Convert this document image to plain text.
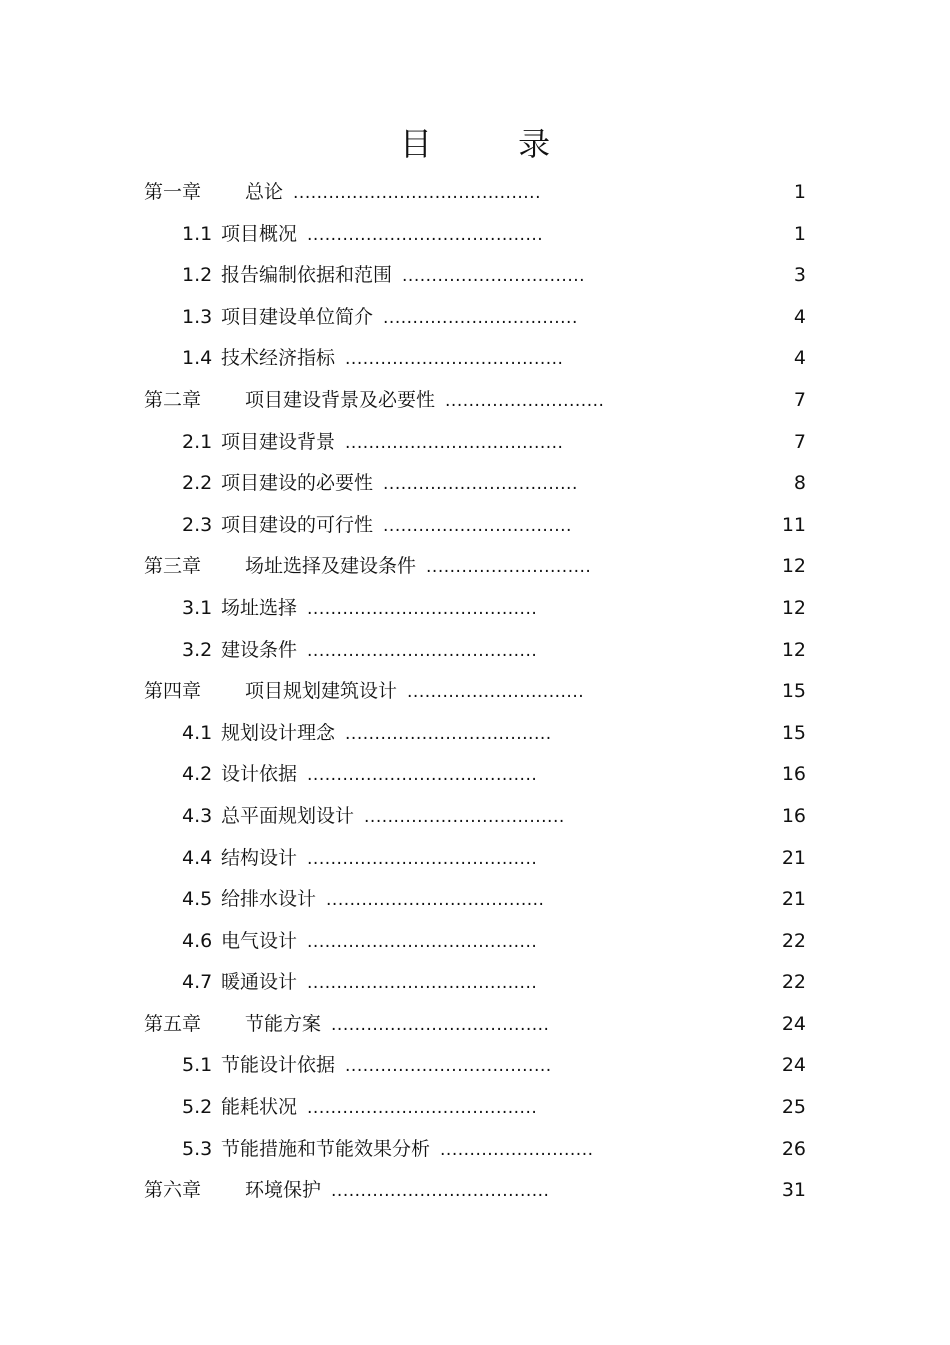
目 录
第一章 总论 ..........................................	1
1.1 项目概况 ........................................	1
1.2 报告编制依据和范围 ...............................	3
1.3 项目建设单位简介 .................................	4
1.4 技术经济指标 .....................................	4
第二章 项目建设背景及必要性 ...........................	7
2.1 项目建设背景 .....................................	7
2.2 项目建设的必要性 .................................	8
2.3 项目建设的可行性 ................................	11
第三章 场址选择及建设条件 ............................	12
3.1 场址选择 .......................................	12
3.2 建设条件 .......................................	12
第四章 项目规划建筑设计 ..............................	15
4.1 规划设计理念 ...................................	15
4.2 设计依据 .......................................	16
4.3 总平面规划设计 ..................................	16
4.4 结构设计 .......................................	21
4.5 给排水设计 .....................................	21
4.6 电气设计 .......................................	22
4.7 暖通设计 .......................................	22
第五章 节能方案 .....................................	24
5.1 节能设计依据 ...................................	24
5.2 能耗状况 .......................................	25
5.3 节能措施和节能效果分析 ..........................	26
第六章 环境保护 .....................................	31
